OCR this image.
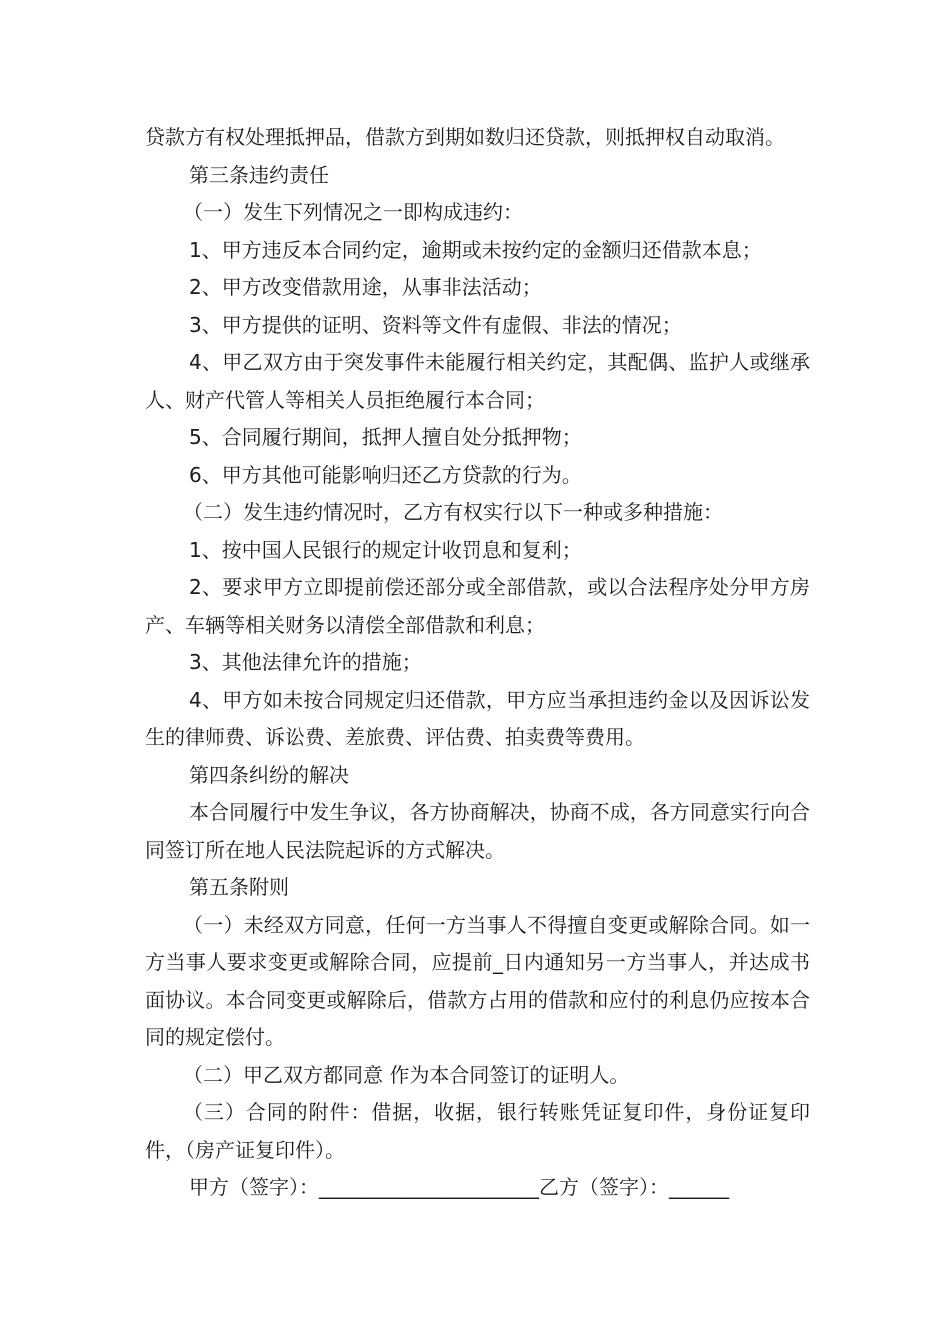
贷款方有权处理抵押品，借款方到期如数归还贷款，则抵押权自动取消。

第三条违约责任

（一）发生下列情况之一即构成违约：

1、甲方违反本合同约定，逾期或未按约定的金额归还借款本息；

2、甲方改变借款用途，从事非法活动；

3、甲方提供的证明、资料等文件有虚假、非法的情况；

4、甲乙双方由于突发事件未能履行相关约定，其配偶、监护人或继承人、财产代管人等相关人员拒绝履行本合同；

5、合同履行期间，抵押人擅自处分抵押物；

6、甲方其他可能影响归还乙方贷款的行为。

（二）发生违约情况时，乙方有权实行以下一种或多种措施：

1、按中国人民银行的规定计收罚息和复利；

2、要求甲方立即提前偿还部分或全部借款，或以合法程序处分甲方房产、车辆等相关财务以清偿全部借款和利息；

3、其他法律允许的措施；

4、甲方如未按合同规定归还借款，甲方应当承担违约金以及因诉讼发生的律师费、诉讼费、差旅费、评估费、拍卖费等费用。

第四条纠纷的解决

本合同履行中发生争议，各方协商解决，协商不成，各方同意实行向合同签订所在地人民法院起诉的方式解决。

第五条附则

（一）未经双方同意，任何一方当事人不得擅自变更或解除合同。如一方当事人要求变更或解除合同，应提前_日内通知另一方当事人，并达成书面协议。本合同变更或解除后，借款方占用的借款和应付的利息仍应按本合同的规定偿付。

（二）甲乙双方都同意 作为本合同签订的证明人。

（三）合同的附件：借据，收据，银行转账凭证复印件，身份证复印件，（房产证复印件）。

甲方（签字）：______________________乙方（签字）：______
